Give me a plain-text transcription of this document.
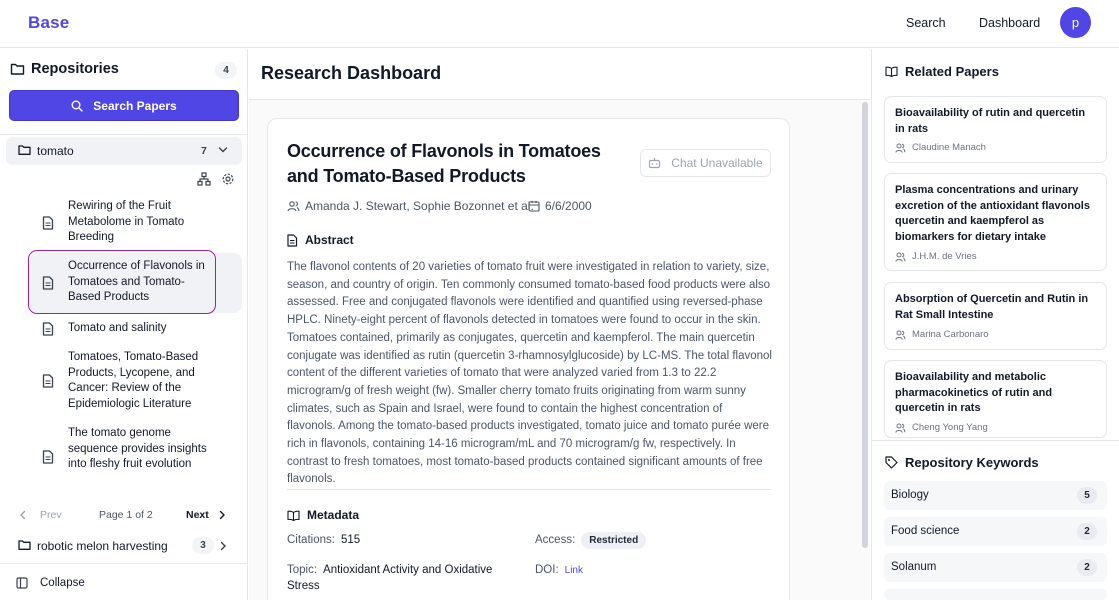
Base	Search	Dashboard	p
Repositories	4
Search Papers
tomato	7
Rewiring of the Fruit Metabolome in Tomato Breeding
Occurrence of Flavonols in Tomatoes and Tomato-Based Products
Tomato and salinity
Tomatoes, Tomato-Based Products, Lycopene, and Cancer: Review of the Epidemiologic Literature
The tomato genome sequence provides insights into fleshy fruit evolution
Prev	Page 1 of 2	Next
robotic melon harvesting	3
Collapse
Research Dashboard
Occurrence of Flavonols in Tomatoes and Tomato-Based Products
Chat Unavailable
Amanda J. Stewart, Sophie Bozonnet et al. 6/6/2000
Abstract
The flavonol contents of 20 varieties of tomato fruit were investigated in relation to variety, size, season, and country of origin. Ten commonly consumed tomato-based food products were also assessed. Free and conjugated flavonols were identified and quantified using reversed-phase HPLC. Ninety-eight percent of flavonols detected in tomatoes were found to occur in the skin. Tomatoes contained, primarily as conjugates, quercetin and kaempferol. The main quercetin conjugate was identified as rutin (quercetin 3-rhamnosylglucoside) by LC-MS. The total flavonol content of the different varieties of tomato that were analyzed varied from 1.3 to 22.2 microgram/g of fresh weight (fw). Smaller cherry tomato fruits originating from warm sunny climates, such as Spain and Israel, were found to contain the highest concentration of flavonols. Among the tomato-based products investigated, tomato juice and tomato purée were rich in flavonols, containing 14-16 microgram/mL and 70 microgram/g fw, respectively. In contrast to fresh tomatoes, most tomato-based products contained significant amounts of free flavonols.
Metadata
Citations: 515	Access: Restricted
Topic: Antioxidant Activity and Oxidative Stress
DOI: Link
Related Papers
Bioavailability of rutin and quercetin in rats
Claudine Manach
Plasma concentrations and urinary excretion of the antioxidant flavonols quercetin and kaempferol as biomarkers for dietary intake
J.H.M. de Vries
Absorption of Quercetin and Rutin in Rat Small Intestine
Marina Carbonaro
Bioavailability and metabolic pharmacokinetics of rutin and quercetin in rats
Cheng Yong Yang
Repository Keywords
Biology	5
Food science	2
Solanum	2
